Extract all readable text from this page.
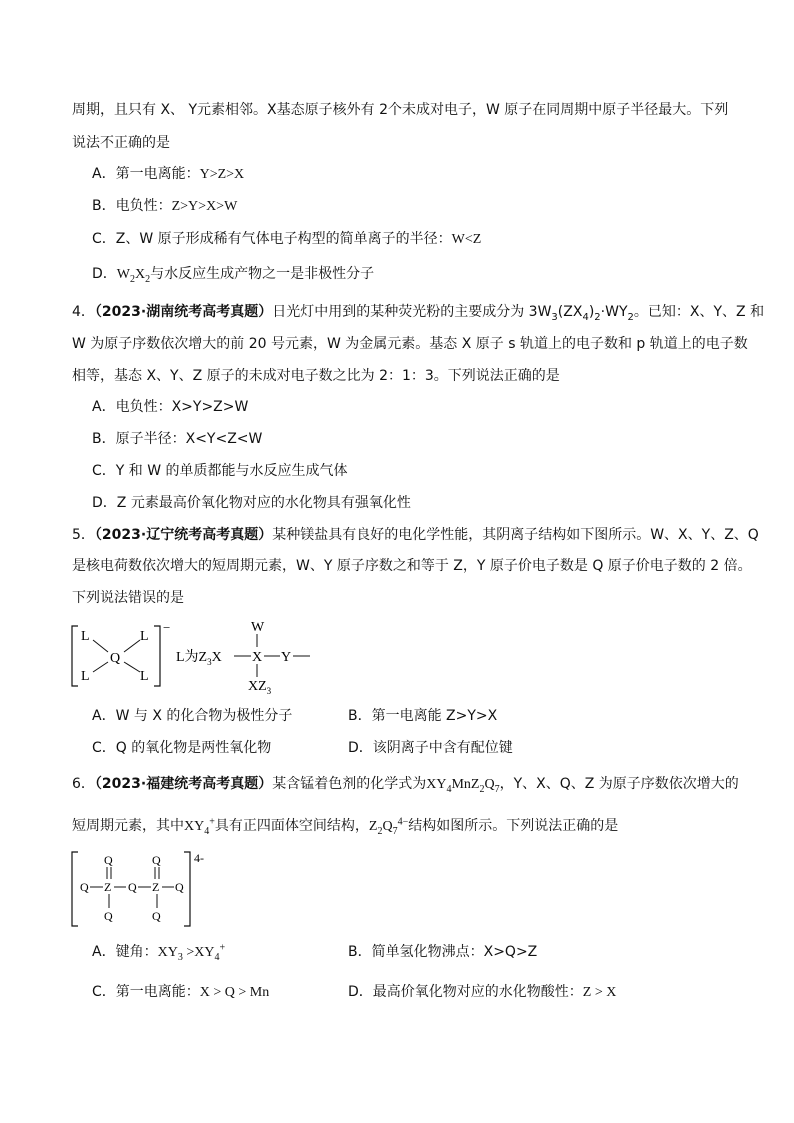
周期，且只有 X、 Y元素相邻。X基态原子核外有 2个未成对电子，W 原子在同周期中原子半径最大。下列
说法不正确的是
A．第一电离能：Y>Z>X
B．电负性：Z>Y>X>W
C．Z、W 原子形成稀有气体电子构型的简单离子的半径：W<Z
D．$W_2X_2$与水反应生成产物之一是非极性分子
4．（2023·湖南统考高考真题）日光灯中用到的某种荧光粉的主要成分为 $3W_3(ZX_4)_2\cdot WY_2$。已知：X、Y、Z 和
W 为原子序数依次增大的前 20 号元素，W 为金属元素。基态 X 原子 s 轨道上的电子数和 p 轨道上的电子数
相等，基态 X、Y、Z 原子的未成对电子数之比为 2：1：3。下列说法正确的是
A．电负性：X>Y>Z>W
B．原子半径：X<Y<Z<W
C．Y 和 W 的单质都能与水反应生成气体
D．Z 元素最高价氧化物对应的水化物具有强氧化性
5．（2023·辽宁统考高考真题）某种镁盐具有良好的电化学性能，其阴离子结构如下图所示。W、X、Y、Z、Q
是核电荷数依次增大的短周期元素，W、Y 原子序数之和等于 Z，Y 原子价电子数是 Q 原子价电子数的 2 倍。
下列说法错误的是
−
L	L
L	L
Q	L为$Z_3X$ X Y
W
$XZ_3$
A．W 与 X 的化合物为极性分子	B．第一电离能 Z>Y>X
C．Q 的氧化物是两性氧化物	D．该阴离子中含有配位键
6．（2023·福建统考高考真题）某含锰着色剂的化学式为$XY_4MnZ_2Q_7$，Y、X、Q、Z 为原子序数依次增大的
短周期元素，其中$XY_4^+$具有正四面体空间结构，$Z_2Q_7^{4-}$结构如图所示。下列说法正确的是
4-
Q	Q
Q Z Q Z Q
Q	Q
A．键角：$XY_3 >XY_4^+$	B．简单氢化物沸点：X>Q>Z
C．第一电离能：X > Q > Mn	D．最高价氧化物对应的水化物酸性：Z > X
